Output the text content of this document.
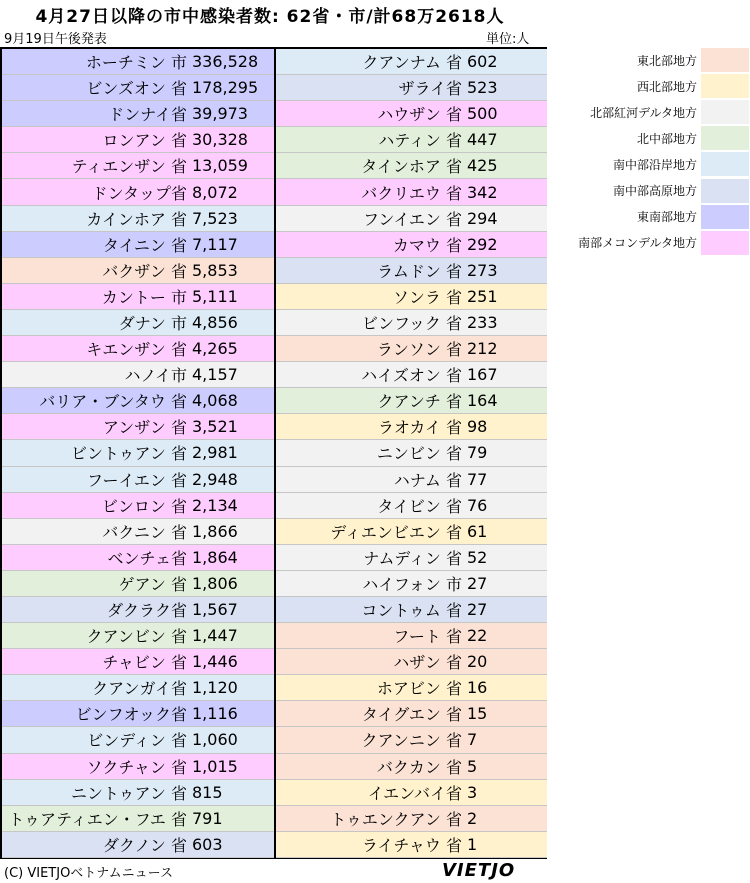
4月27日以降の市中感染者数: 62省・市/計68万2618人
9月19日午後発表	単位:人
ホーチミン 市 336,528
ビンズオン 省 178,295
ドンナイ省 39,973
ロンアン 省 30,328
ティエンザン 省 13,059
ドンタップ省 8,072
カインホア 省 7,523
タイニン 省 7,117
バクザン 省 5,853
カントー 市 5,111
ダナン 市 4,856
キエンザン 省 4,265
ハノイ市 4,157
バリア・ブンタウ 省 4,068
アンザン 省 3,521
ビントゥアン 省 2,981
フーイエン 省 2,948
ビンロン 省 2,134
バクニン 省 1,866
ベンチェ省 1,864
ゲアン 省 1,806
ダクラク省 1,567
クアンビン 省 1,447
チャビン 省 1,446
クアンガイ省 1,120
ビンフオック省 1,116
ビンディン 省 1,060
ソクチャン 省 1,015
ニントゥアン 省 815
トゥアティエン・フエ 省 791
ダクノン 省 603
クアンナム 省 602
ザライ省 523
ハウザン 省 500
ハティン 省 447
タインホア 省 425
バクリエウ 省 342
フンイエン 省 294
カマウ 省 292
ラムドン 省 273
ソンラ 省 251
ビンフック 省 233
ランソン 省 212
ハイズオン 省 167
クアンチ 省 164
ラオカイ 省 98
ニンビン 省 79
ハナム 省 77
タイビン 省 76
ディエンビエン 省 61
ナムディン 省 52
ハイフォン 市 27
コントゥム 省 27
フート 省 22
ハザン 省 20
ホアビン 省 16
タイグエン 省 15
クアンニン 省 7
バクカン 省 5
イエンバイ省 3
トゥエンクアン 省 2
ライチャウ 省 1
東北部地方
西北部地方
北部紅河デルタ地方
北中部地方
南中部沿岸地方
南中部高原地方
東南部地方
南部メコンデルタ地方
(C) VIETJOベトナムニュース	VIETJO
